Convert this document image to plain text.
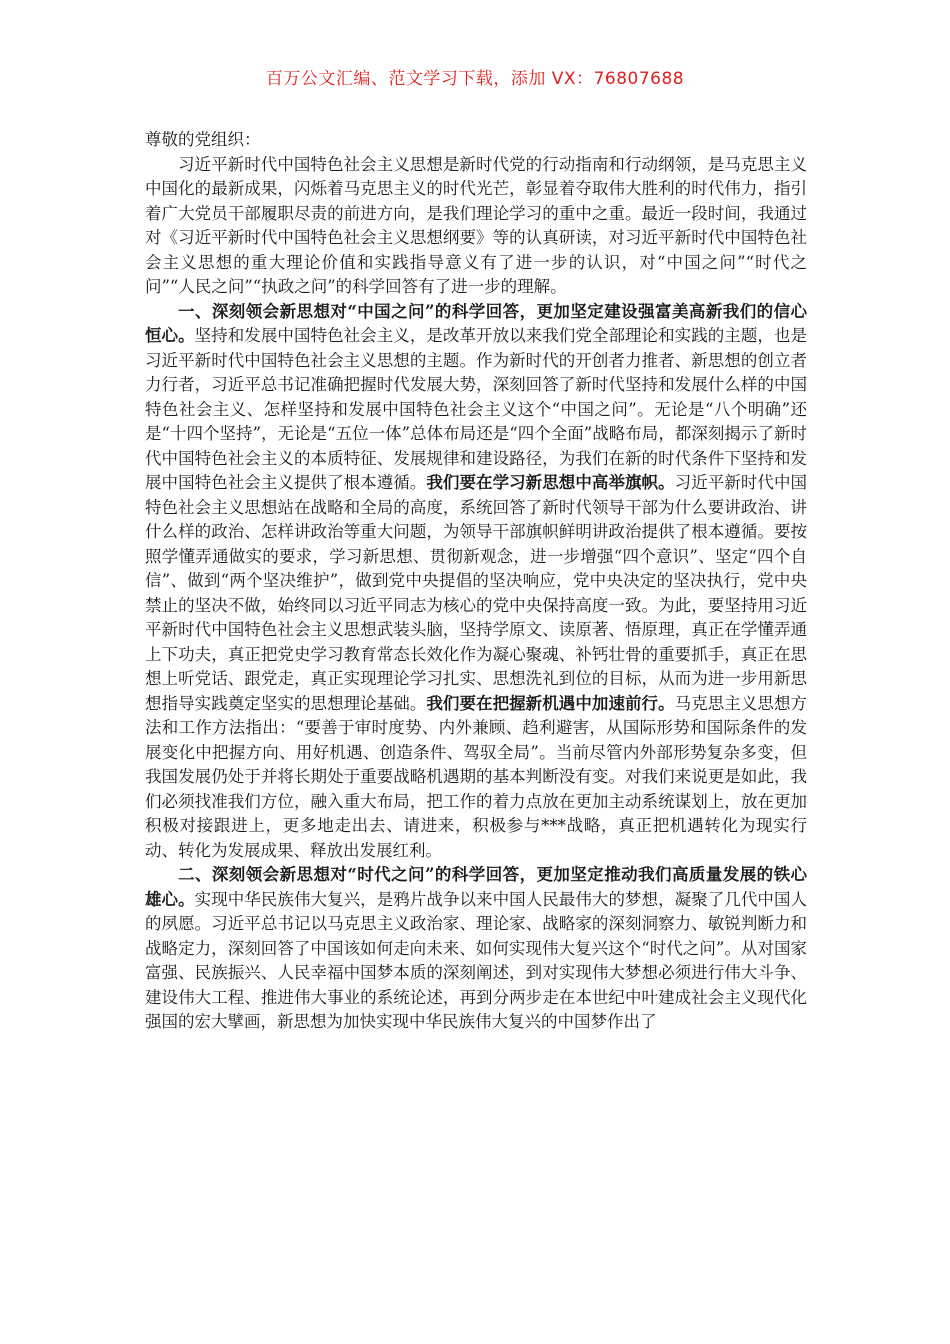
百万公文汇编、范文学习下载，添加 VX：76807688

尊敬的党组织：

习近平新时代中国特色社会主义思想是新时代党的行动指南和行动纲领，是马克思主义中国化的最新成果，闪烁着马克思主义的时代光芒，彰显着夺取伟大胜利的时代伟力，指引着广大党员干部履职尽责的前进方向，是我们理论学习的重中之重。最近一段时间，我通过对《习近平新时代中国特色社会主义思想纲要》等的认真研读，对习近平新时代中国特色社会主义思想的重大理论价值和实践指导意义有了进一步的认识，对“中国之问”“时代之问”“人民之问”“执政之问”的科学回答有了进一步的理解。

一、深刻领会新思想对“中国之问”的科学回答，更加坚定建设强富美高新我们的信心恒心。坚持和发展中国特色社会主义，是改革开放以来我们党全部理论和实践的主题，也是习近平新时代中国特色社会主义思想的主题。作为新时代的开创者力推者、新思想的创立者力行者，习近平总书记准确把握时代发展大势，深刻回答了新时代坚持和发展什么样的中国特色社会主义、怎样坚持和发展中国特色社会主义这个“中国之问”。无论是“八个明确”还是“十四个坚持”，无论是“五位一体”总体布局还是“四个全面”战略布局，都深刻揭示了新时代中国特色社会主义的本质特征、发展规律和建设路径，为我们在新的时代条件下坚持和发展中国特色社会主义提供了根本遵循。我们要在学习新思想中高举旗帜。习近平新时代中国特色社会主义思想站在战略和全局的高度，系统回答了新时代领导干部为什么要讲政治、讲什么样的政治、怎样讲政治等重大问题，为领导干部旗帜鲜明讲政治提供了根本遵循。要按照学懂弄通做实的要求，学习新思想、贯彻新观念，进一步增强“四个意识”、坚定“四个自信”、做到“两个坚决维护”，做到党中央提倡的坚决响应，党中央决定的坚决执行，党中央禁止的坚决不做，始终同以习近平同志为核心的党中央保持高度一致。为此，要坚持用习近平新时代中国特色社会主义思想武装头脑，坚持学原文、读原著、悟原理，真正在学懂弄通上下功夫，真正把党史学习教育常态长效化作为凝心聚魂、补钙壮骨的重要抓手，真正在思想上听党话、跟党走，真正实现理论学习扎实、思想洗礼到位的目标，从而为进一步用新思想指导实践奠定坚实的思想理论基础。我们要在把握新机遇中加速前行。马克思主义思想方法和工作方法指出：“要善于审时度势、内外兼顾、趋利避害，从国际形势和国际条件的发展变化中把握方向、用好机遇、创造条件、驾驭全局”。当前尽管内外部形势复杂多变，但我国发展仍处于并将长期处于重要战略机遇期的基本判断没有变。对我们来说更是如此，我们必须找准我们方位，融入重大布局，把工作的着力点放在更加主动系统谋划上，放在更加积极对接跟进上，更多地走出去、请进来，积极参与***战略，真正把机遇转化为现实行动、转化为发展成果、释放出发展红利。

二、深刻领会新思想对“时代之问”的科学回答，更加坚定推动我们高质量发展的铁心雄心。实现中华民族伟大复兴，是鸦片战争以来中国人民最伟大的梦想，凝聚了几代中国人的夙愿。习近平总书记以马克思主义政治家、理论家、战略家的深刻洞察力、敏锐判断力和战略定力，深刻回答了中国该如何走向未来、如何实现伟大复兴这个“时代之问”。从对国家富强、民族振兴、人民幸福中国梦本质的深刻阐述，到对实现伟大梦想必须进行伟大斗争、建设伟大工程、推进伟大事业的系统论述，再到分两步走在本世纪中叶建成社会主义现代化强国的宏大擘画，新思想为加快实现中华民族伟大复兴的中国梦作出了
